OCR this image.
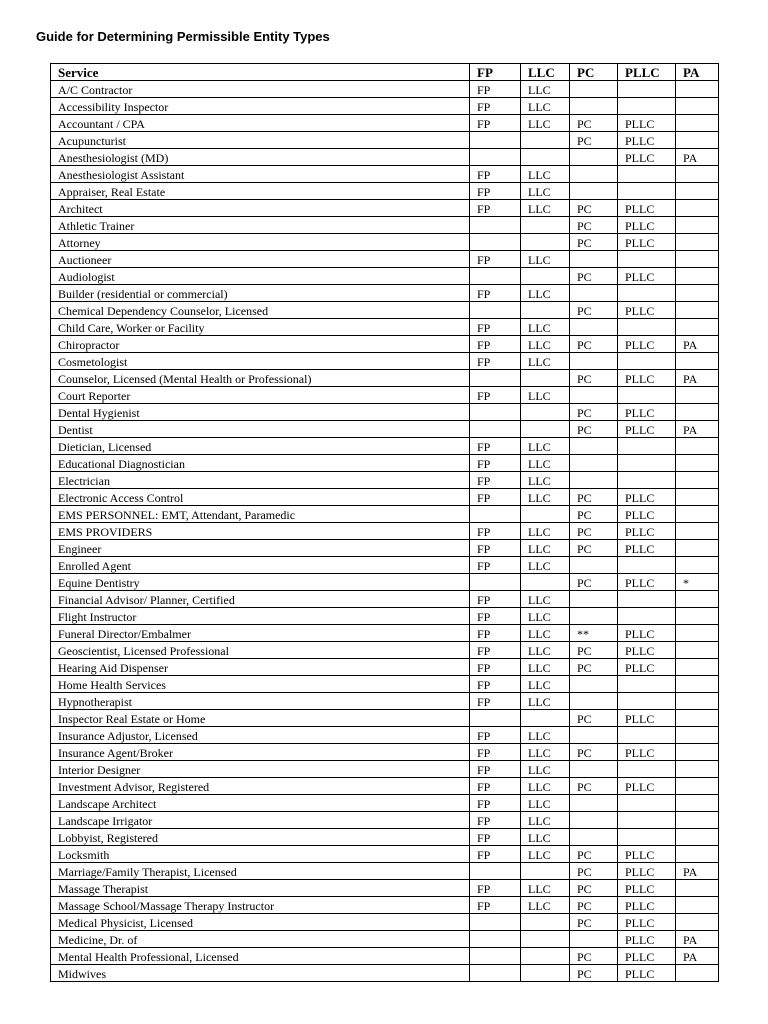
Guide for Determining Permissible Entity Types
Service	FP	LLC	PC	PLLC	PA
A/C Contractor	FP	LLC			
Accessibility Inspector	FP	LLC			
Accountant / CPA	FP	LLC	PC	PLLC	
Acupuncturist			PC	PLLC	
Anesthesiologist (MD)				PLLC	PA
Anesthesiologist Assistant	FP	LLC			
Appraiser, Real Estate	FP	LLC			
Architect	FP	LLC	PC	PLLC	
Athletic Trainer			PC	PLLC	
Attorney			PC	PLLC	
Auctioneer	FP	LLC			
Audiologist			PC	PLLC	
Builder (residential or commercial)	FP	LLC			
Chemical Dependency Counselor, Licensed			PC	PLLC	
Child Care, Worker or Facility	FP	LLC			
Chiropractor	FP	LLC	PC	PLLC	PA
Cosmetologist	FP	LLC			
Counselor, Licensed (Mental Health or Professional)			PC	PLLC	PA
Court Reporter	FP	LLC			
Dental Hygienist			PC	PLLC	
Dentist			PC	PLLC	PA
Dietician, Licensed	FP	LLC			
Educational Diagnostician	FP	LLC			
Electrician	FP	LLC			
Electronic Access Control	FP	LLC	PC	PLLC	
EMS PERSONNEL: EMT, Attendant, Paramedic			PC	PLLC	
EMS PROVIDERS	FP	LLC	PC	PLLC	
Engineer	FP	LLC	PC	PLLC	
Enrolled Agent	FP	LLC			
Equine Dentistry			PC	PLLC	*
Financial Advisor/ Planner, Certified	FP	LLC			
Flight Instructor	FP	LLC			
Funeral Director/Embalmer	FP	LLC	**	PLLC	
Geoscientist, Licensed Professional	FP	LLC	PC	PLLC	
Hearing Aid Dispenser	FP	LLC	PC	PLLC	
Home Health Services	FP	LLC			
Hypnotherapist	FP	LLC			
Inspector Real Estate or Home			PC	PLLC	
Insurance Adjustor, Licensed	FP	LLC			
Insurance Agent/Broker	FP	LLC	PC	PLLC	
Interior Designer	FP	LLC			
Investment Advisor, Registered	FP	LLC	PC	PLLC	
Landscape Architect	FP	LLC			
Landscape Irrigator	FP	LLC			
Lobbyist, Registered	FP	LLC			
Locksmith	FP	LLC	PC	PLLC	
Marriage/Family Therapist, Licensed			PC	PLLC	PA
Massage Therapist	FP	LLC	PC	PLLC	
Massage School/Massage Therapy Instructor	FP	LLC	PC	PLLC	
Medical Physicist, Licensed			PC	PLLC	
Medicine, Dr. of				PLLC	PA
Mental Health Professional, Licensed			PC	PLLC	PA
Midwives			PC	PLLC	
